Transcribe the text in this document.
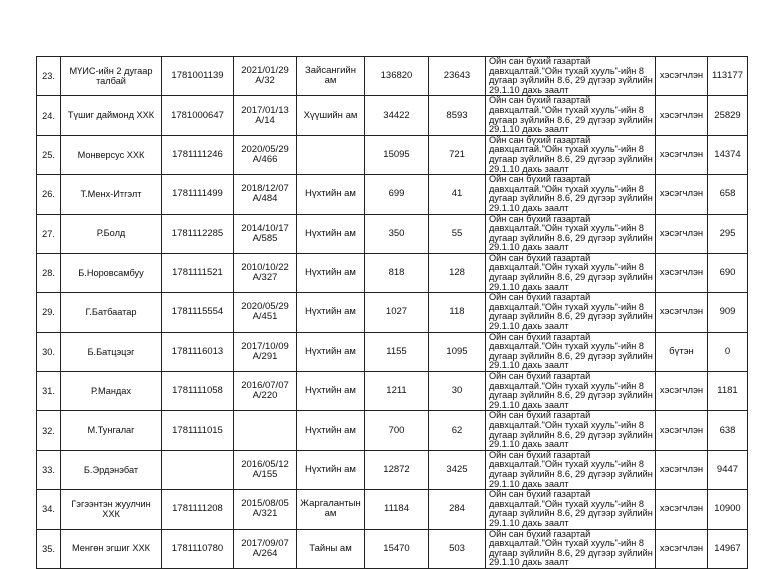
23.	МҮИС-ийн 2 дугаар талбай	1781001139	2021/01/29 A/32	Зайсангийн ам	136820	23643	Ойн сан бүхий газартай давхцалтай."Ойн тухай хууль"-ийн 8 дугаар зүйлийн 8.6, 29 дүгээр зүйлийн 29.1.10 дахь заалт	хэсэгчлэн	113177
24.	Түшиг даймонд ХХК	1781000647	2017/01/13 A/14	Хүүшийн ам	34422	8593	Ойн сан бүхий газартай давхцалтай."Ойн тухай хууль"-ийн 8 дугаар зүйлийн 8.6, 29 дүгээр зүйлийн 29.1.10 дахь заалт	хэсэгчлэн	25829
25.	Монверсус ХХК	1781111246	2020/05/29 A/466		15095	721	Ойн сан бүхий газартай давхцалтай."Ойн тухай хууль"-ийн 8 дугаар зүйлийн 8.6, 29 дүгээр зүйлийн 29.1.10 дахь заалт	хэсэгчлэн	14374
26.	Т.Менх-Итгэлт	1781111499	2018/12/07 A/484	Нүхтийн ам	699	41	Ойн сан бүхий газартай давхцалтай."Ойн тухай хууль"-ийн 8 дугаар зүйлийн 8.6, 29 дүгээр зүйлийн 29.1.10 дахь заалт	хэсэгчлэн	658
27.	Р.Болд	1781112285	2014/10/17 A/585	Нүхтийн ам	350	55	Ойн сан бүхий газартай давхцалтай."Ойн тухай хууль"-ийн 8 дугаар зүйлийн 8.6, 29 дүгээр зүйлийн 29.1.10 дахь заалт	хэсэгчлэн	295
28.	Б.Норовсамбуу	1781111521	2010/10/22 A/327	Нүхтийн ам	818	128	Ойн сан бүхий газартай давхцалтай."Ойн тухай хууль"-ийн 8 дугаар зүйлийн 8.6, 29 дүгээр зүйлийн 29.1.10 дахь заалт	хэсэгчлэн	690
29.	Г.Батбаатар	1781115554	2020/05/29 A/451	Нүхтийн ам	1027	118	Ойн сан бүхий газартай давхцалтай."Ойн тухай хууль"-ийн 8 дугаар зүйлийн 8.6, 29 дүгээр зүйлийн 29.1.10 дахь заалт	хэсэгчлэн	909
30.	Б.Батцэцэг	1781116013	2017/10/09 A/291	Нүхтийн ам	1155	1095	Ойн сан бүхий газартай давхцалтай."Ойн тухай хууль"-ийн 8 дугаар зүйлийн 8.6, 29 дүгээр зүйлийн 29.1.10 дахь заалт	бүтэн	0
31.	Р.Мандах	1781111058	2016/07/07 A/220	Нүхтийн ам	1211	30	Ойн сан бүхий газартай давхцалтай."Ойн тухай хууль"-ийн 8 дугаар зүйлийн 8.6, 29 дүгээр зүйлийн 29.1.10 дахь заалт	хэсэгчлэн	1181
32.	М.Тунгалаг	1781111015		Нүхтийн ам	700	62	Ойн сан бүхий газартай давхцалтай."Ойн тухай хууль"-ийн 8 дугаар зүйлийн 8.6, 29 дүгээр зүйлийн 29.1.10 дахь заалт	хэсэгчлэн	638
33.	Б.Эрдэнэбат		2016/05/12 A/155	Нүхтийн ам	12872	3425	Ойн сан бүхий газартай давхцалтай."Ойн тухай хууль"-ийн 8 дугаар зүйлийн 8.6, 29 дүгээр зүйлийн 29.1.10 дахь заалт	хэсэгчлэн	9447
34.	Гэгээнтэн жуулчин ХХК	1781111208	2015/08/05 A/321	Жаргалантын ам	11184	284	Ойн сан бүхий газартай давхцалтай."Ойн тухай хууль"-ийн 8 дугаар зүйлийн 8.6, 29 дүгээр зүйлийн 29.1.10 дахь заалт	хэсэгчлэн	10900
35.	Менгөн эгшиг ХХК	1781110780	2017/09/07 A/264	Тайны ам	15470	503	Ойн сан бүхий газартай давхцалтай."Ойн тухай хууль"-ийн 8 дугаар зүйлийн 8.6, 29 дүгээр зүйлийн 29.1.10 дахь заалт	хэсэгчлэн	14967
